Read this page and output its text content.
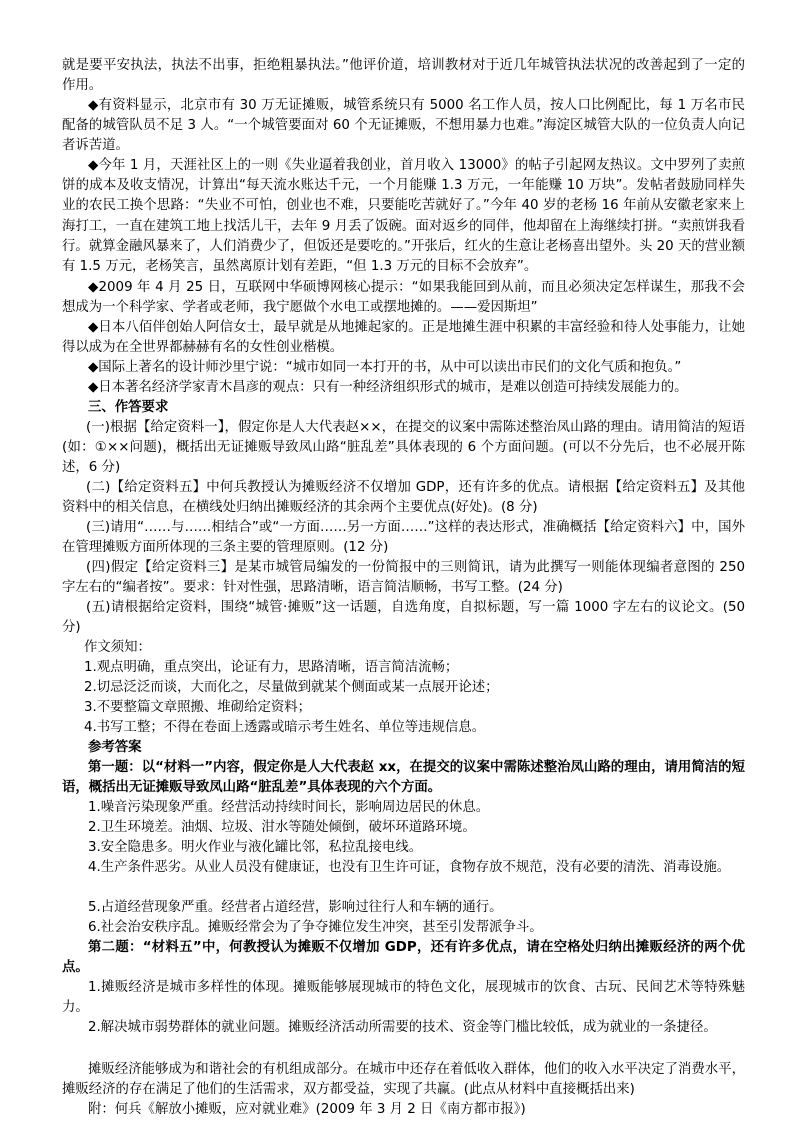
就是要平安执法，执法不出事，拒绝粗暴执法。”他评价道，培训教材对于近几年城管执法状况的改善起到了一定的作用。

◆有资料显示，北京市有 30 万无证摊贩，城管系统只有 5000 名工作人员，按人口比例配比，每 1 万名市民配备的城管队员不足 3 人。“一个城管要面对 60 个无证摊贩，不想用暴力也难。”海淀区城管大队的一位负责人向记者诉苦道。

◆今年 1 月，天涯社区上的一则《失业逼着我创业，首月收入 13000》的帖子引起网友热议。文中罗列了卖煎饼的成本及收支情况，计算出“每天流水账达千元，一个月能赚 1.3 万元，一年能赚 10 万块”。发帖者鼓励同样失业的农民工换个思路：“失业不可怕，创业也不难，只要能吃苦就好了。”今年 40 岁的老杨 16 年前从安徽老家来上海打工，一直在建筑工地上找活儿干，去年 9 月丢了饭碗。面对返乡的同伴，他却留在上海继续打拼。“卖煎饼我看行。就算金融风暴来了，人们消费少了，但饭还是要吃的。”开张后，红火的生意让老杨喜出望外。头 20 天的营业额有 1.5 万元，老杨笑言，虽然离原计划有差距，“但 1.3 万元的目标不会放弃”。

◆2009 年 4 月 25 日，互联网中华硕博网核心提示：“如果我能回到从前，而且必须决定怎样谋生，那我不会想成为一个科学家、学者或老师，我宁愿做个水电工或摆地摊的。——爱因斯坦”

◆日本八佰伴创始人阿信女士，最早就是从地摊起家的。正是地摊生涯中积累的丰富经验和待人处事能力，让她得以成为在全世界都赫赫有名的女性创业楷模。

◆国际上著名的设计师沙里宁说：“城市如同一本打开的书，从中可以读出市民们的文化气质和抱负。”

◆日本著名经济学家青木昌彦的观点：只有一种经济组织形式的城市，是难以创造可持续发展能力的。

三、作答要求

(一)根据【给定资料一】，假定你是人大代表赵××，在提交的议案中需陈述整治凤山路的理由。请用简洁的短语(如：①××问题)，概括出无证摊贩导致凤山路“脏乱差”具体表现的 6 个方面问题。(可以不分先后，也不必展开陈述，6 分)

(二)【给定资料五】中何兵教授认为摊贩经济不仅增加 GDP，还有许多的优点。请根据【给定资料五】及其他资料中的相关信息，在横线处归纳出摊贩经济的其余两个主要优点(好处)。(8 分)

(三)请用“……与……相结合”或“一方面……另一方面……”这样的表达形式，准确概括【给定资料六】中，国外在管理摊贩方面所体现的三条主要的管理原则。(12 分)

(四)假定【给定资料三】是某市城管局编发的一份简报中的三则简讯，请为此撰写一则能体现编者意图的 250 字左右的“编者按”。要求：针对性强，思路清晰，语言简洁顺畅，书写工整。(24 分)

(五)请根据给定资料，围绕“城管·摊贩”这一话题，自选角度，自拟标题，写一篇 1000 字左右的议论文。(50 分)

作文须知：

1.观点明确，重点突出，论证有力，思路清晰，语言简洁流畅；

2.切忌泛泛而谈，大而化之，尽量做到就某个侧面或某一点展开论述；

3.不要整篇文章照搬、堆砌给定资料；

4.书写工整；不得在卷面上透露或暗示考生姓名、单位等违规信息。

参考答案

第一题：以“材料一”内容，假定你是人大代表赵 xx，在提交的议案中需陈述整治凤山路的理由，请用简洁的短语，概括出无证摊贩导致凤山路“脏乱差”具体表现的六个方面。

1.噪音污染现象严重。经营活动持续时间长，影响周边居民的休息。

2.卫生环境差。油烟、垃圾、泔水等随处倾倒，破坏环道路环境。

3.安全隐患多。明火作业与液化罐比邻，私拉乱接电线。

4.生产条件恶劣。从业人员没有健康证，也没有卫生许可证，食物存放不规范，没有必要的清洗、消毒设施。

5.占道经营现象严重。经营者占道经营，影响过往行人和车辆的通行。

6.社会治安秩序乱。摊贩经常会为了争夺摊位发生冲突，甚至引发帮派争斗。

第二题：“材料五”中，何教授认为摊贩不仅增加 GDP，还有许多优点，请在空格处归纳出摊贩经济的两个优点。

1.摊贩经济是城市多样性的体现。摊贩能够展现城市的特色文化，展现城市的饮食、古玩、民间艺术等特殊魅力。

2.解决城市弱势群体的就业问题。摊贩经济活动所需要的技术、资金等门槛比较低，成为就业的一条捷径。

摊贩经济能够成为和谐社会的有机组成部分。在城市中还存在着低收入群体，他们的收入水平决定了消费水平，摊贩经济的存在满足了他们的生活需求，双方都受益，实现了共赢。(此点从材料中直接概括出来)

附：何兵《解放小摊贩，应对就业难》(2009 年 3 月 2 日《南方都市报》)
